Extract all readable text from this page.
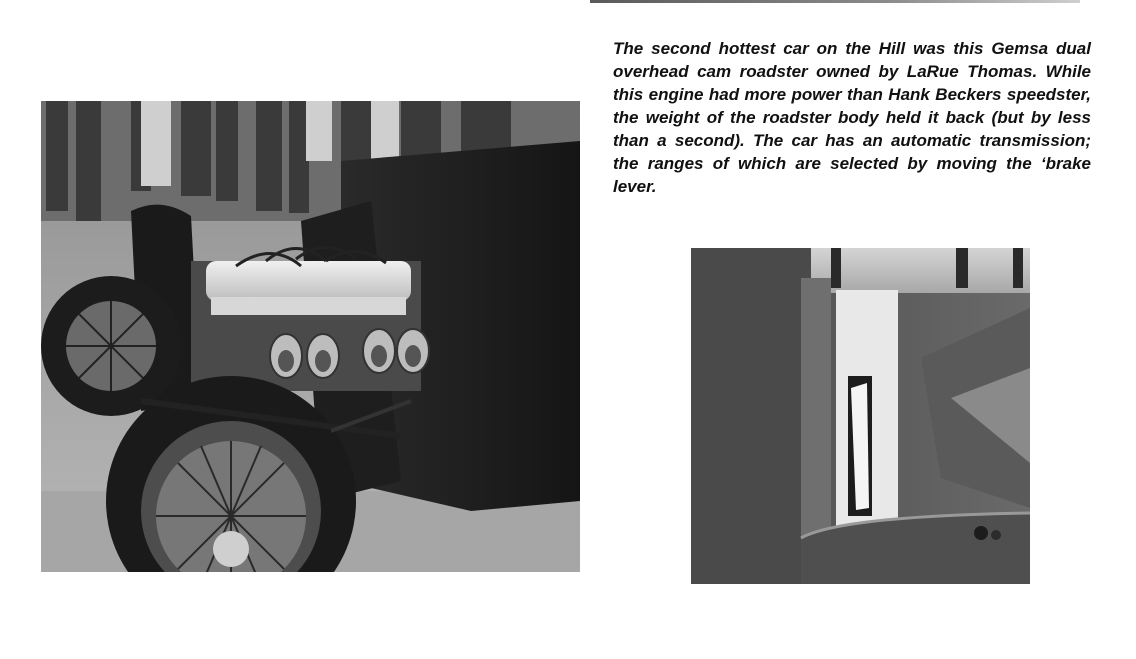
The second hottest car on the Hill was this Gemsa dual overhead cam roadster owned by LaRue Thomas. While this engine had more power than Hank Beckers speedster, the weight of the roadster body held it back (but by less than a second). The car has an automatic transmission; the ranges of which are selected by moving the ‘brake lever.
